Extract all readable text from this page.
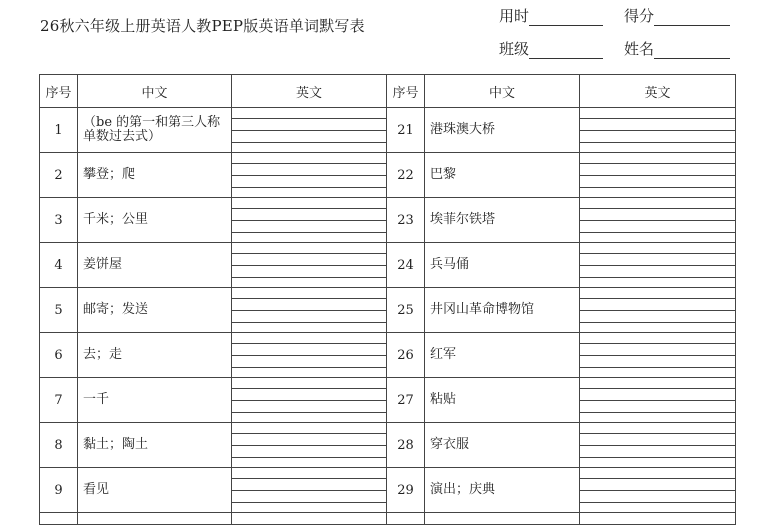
26秋六年级上册英语人教PEP版英语单词默写表
用时	得分
班级	姓名
序号	中文	英文	序号	中文	英文
1	（be 的第一和第三人称单数过去式）		21	港珠澳大桥	

2	攀登；爬		22	巴黎	

3	千米；公里		23	埃菲尔铁塔	

4	姜饼屋		24	兵马俑	

5	邮寄；发送		25	井冈山革命博物馆	

6	去；走		26	红军	

7	一千		27	粘贴	

8	黏土；陶土		28	穿衣服	

9	看见		29	演出；庆典	
